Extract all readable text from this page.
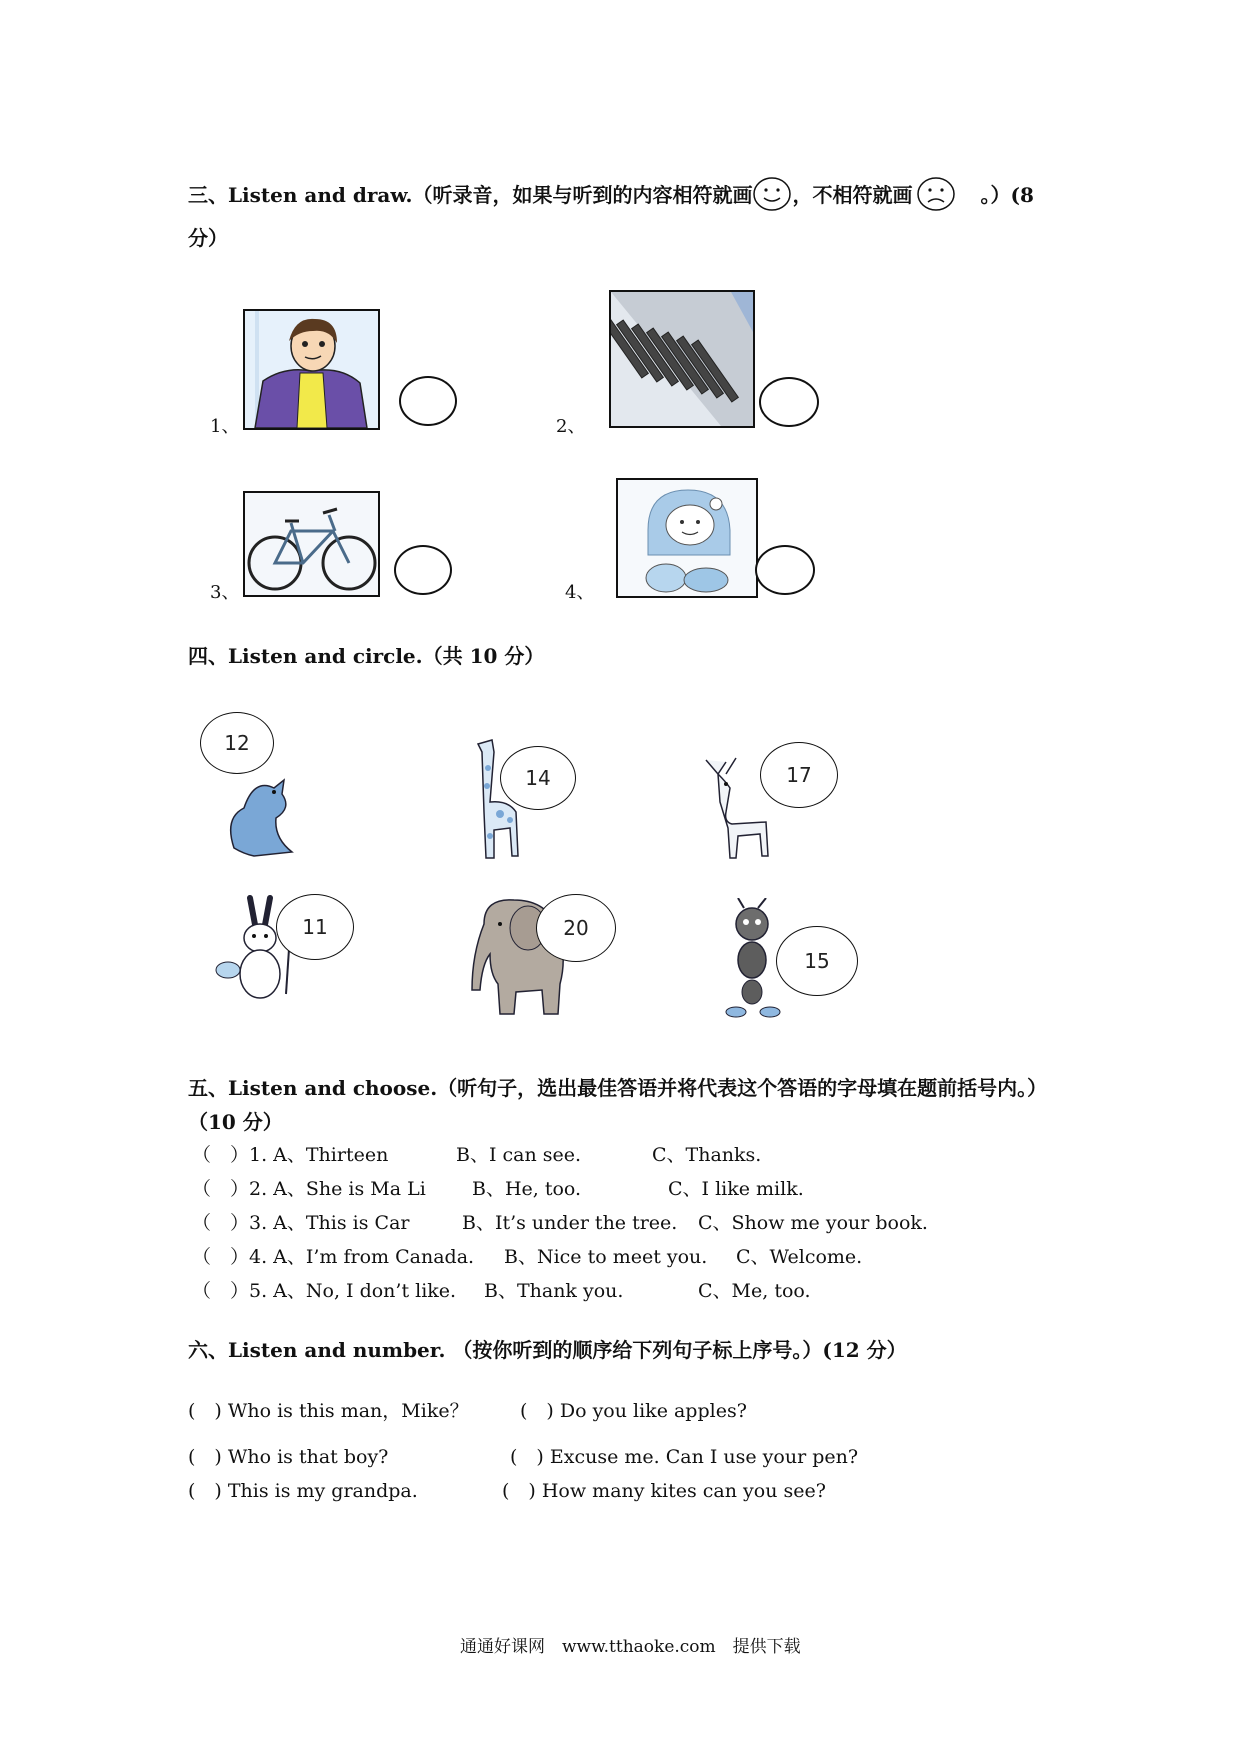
三、Listen and draw.（听录音，如果与听到的内容相符就画 ，不相符就画	。）(8
分）
1、	2、
3、	4、
四、Listen and circle.（共 10 分）
12
14	17
11	20
15
五、Listen and choose.（听句子，选出最佳答语并将代表这个答语的字母填在题前括号内。）
（10 分）
（　）1. A、Thirteen	B、I can see.	C、Thanks.
（　）2. A、She is Ma Li B、He, too.	C、I like milk.
（　）3. A、This is Car	B、It’s under the tree. C、Show me your book.
（　）4. A、I’m from Canada. B、Nice to meet you. C、Welcome.
（　）5. A、No, I don’t like. B、Thank you.	C、Me, too.
六、Listen and number. （按你听到的顺序给下列句子标上序号。）(12 分）
(　) Who is this man，Mike？
(　) Who is that boy?
(　) This is my grandpa.
(　) Do you like apples?
(　) Excuse me. Can I use your pen?
(　) How many kites can you see?
通通好课网　www.tthaoke.com　提供下载
